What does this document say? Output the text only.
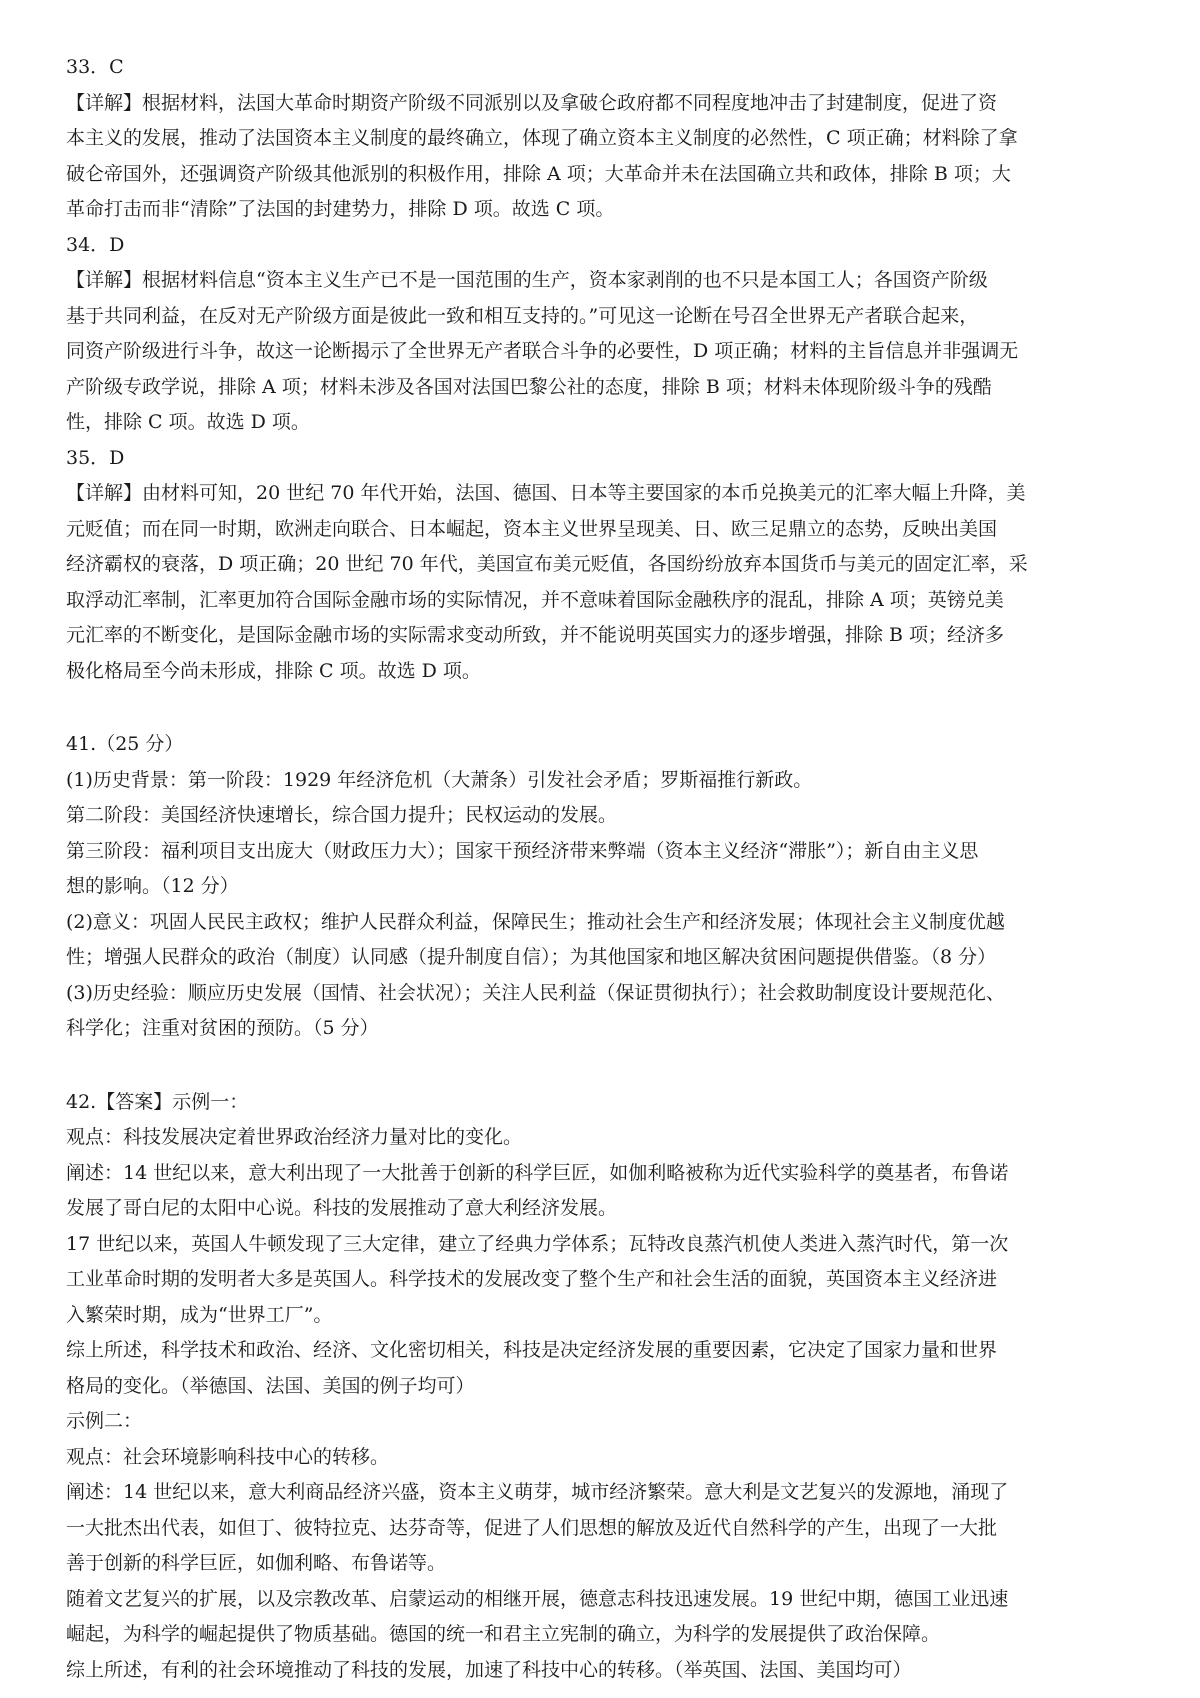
33．C
【详解】根据材料，法国大革命时期资产阶级不同派别以及拿破仑政府都不同程度地冲击了封建制度，促进了资
本主义的发展，推动了法国资本主义制度的最终确立，体现了确立资本主义制度的必然性，C 项正确；材料除了拿
破仑帝国外，还强调资产阶级其他派别的积极作用，排除 A 项；大革命并未在法国确立共和政体，排除 B 项；大
革命打击而非“清除”了法国的封建势力，排除 D 项。故选 C 项。
34．D
【详解】根据材料信息“资本主义生产已不是一国范围的生产，资本家剥削的也不只是本国工人；各国资产阶级
基于共同利益，在反对无产阶级方面是彼此一致和相互支持的。”可见这一论断在号召全世界无产者联合起来，
同资产阶级进行斗争，故这一论断揭示了全世界无产者联合斗争的必要性，D 项正确；材料的主旨信息并非强调无
产阶级专政学说，排除 A 项；材料未涉及各国对法国巴黎公社的态度，排除 B 项；材料未体现阶级斗争的残酷
性，排除 C 项。故选 D 项。
35．D
【详解】由材料可知，20 世纪 70 年代开始，法国、德国、日本等主要国家的本币兑换美元的汇率大幅上升降，美
元贬值；而在同一时期，欧洲走向联合、日本崛起，资本主义世界呈现美、日、欧三足鼎立的态势，反映出美国
经济霸权的衰落，D 项正确；20 世纪 70 年代，美国宣布美元贬值，各国纷纷放弃本国货币与美元的固定汇率，采
取浮动汇率制，汇率更加符合国际金融市场的实际情况，并不意味着国际金融秩序的混乱，排除 A 项；英镑兑美
元汇率的不断变化，是国际金融市场的实际需求变动所致，并不能说明英国实力的逐步增强，排除 B 项；经济多
极化格局至今尚未形成，排除 C 项。故选 D 项。
41.（25 分）
(1)历史背景：第一阶段：1929 年经济危机（大萧条）引发社会矛盾；罗斯福推行新政。
第二阶段：美国经济快速增长，综合国力提升；民权运动的发展。
第三阶段：福利项目支出庞大（财政压力大）；国家干预经济带来弊端（资本主义经济“滞胀”）；新自由主义思
想的影响。（12 分）
(2)意义：巩固人民民主政权；维护人民群众利益，保障民生；推动社会生产和经济发展；体现社会主义制度优越
性；增强人民群众的政治（制度）认同感（提升制度自信）；为其他国家和地区解决贫困问题提供借鉴。（8 分）
(3)历史经验：顺应历史发展（国情、社会状况）；关注人民利益（保证贯彻执行）；社会救助制度设计要规范化、
科学化；注重对贫困的预防。（5 分）
42.【答案】示例一：
观点：科技发展决定着世界政治经济力量对比的变化。
阐述：14 世纪以来，意大利出现了一大批善于创新的科学巨匠，如伽利略被称为近代实验科学的奠基者，布鲁诺
发展了哥白尼的太阳中心说。科技的发展推动了意大利经济发展。
17 世纪以来，英国人牛顿发现了三大定律，建立了经典力学体系；瓦特改良蒸汽机使人类进入蒸汽时代，第一次
工业革命时期的发明者大多是英国人。科学技术的发展改变了整个生产和社会生活的面貌，英国资本主义经济进
入繁荣时期，成为“世界工厂”。
综上所述，科学技术和政治、经济、文化密切相关，科技是决定经济发展的重要因素，它决定了国家力量和世界
格局的变化。（举德国、法国、美国的例子均可）
示例二：
观点：社会环境影响科技中心的转移。
阐述：14 世纪以来，意大利商品经济兴盛，资本主义萌芽，城市经济繁荣。意大利是文艺复兴的发源地，涌现了
一大批杰出代表，如但丁、彼特拉克、达芬奇等，促进了人们思想的解放及近代自然科学的产生，出现了一大批
善于创新的科学巨匠，如伽利略、布鲁诺等。
随着文艺复兴的扩展，以及宗教改革、启蒙运动的相继开展，德意志科技迅速发展。19 世纪中期，德国工业迅速
崛起，为科学的崛起提供了物质基础。德国的统一和君主立宪制的确立，为科学的发展提供了政治保障。
综上所述，有利的社会环境推动了科技的发展，加速了科技中心的转移。（举英国、法国、美国均可）
